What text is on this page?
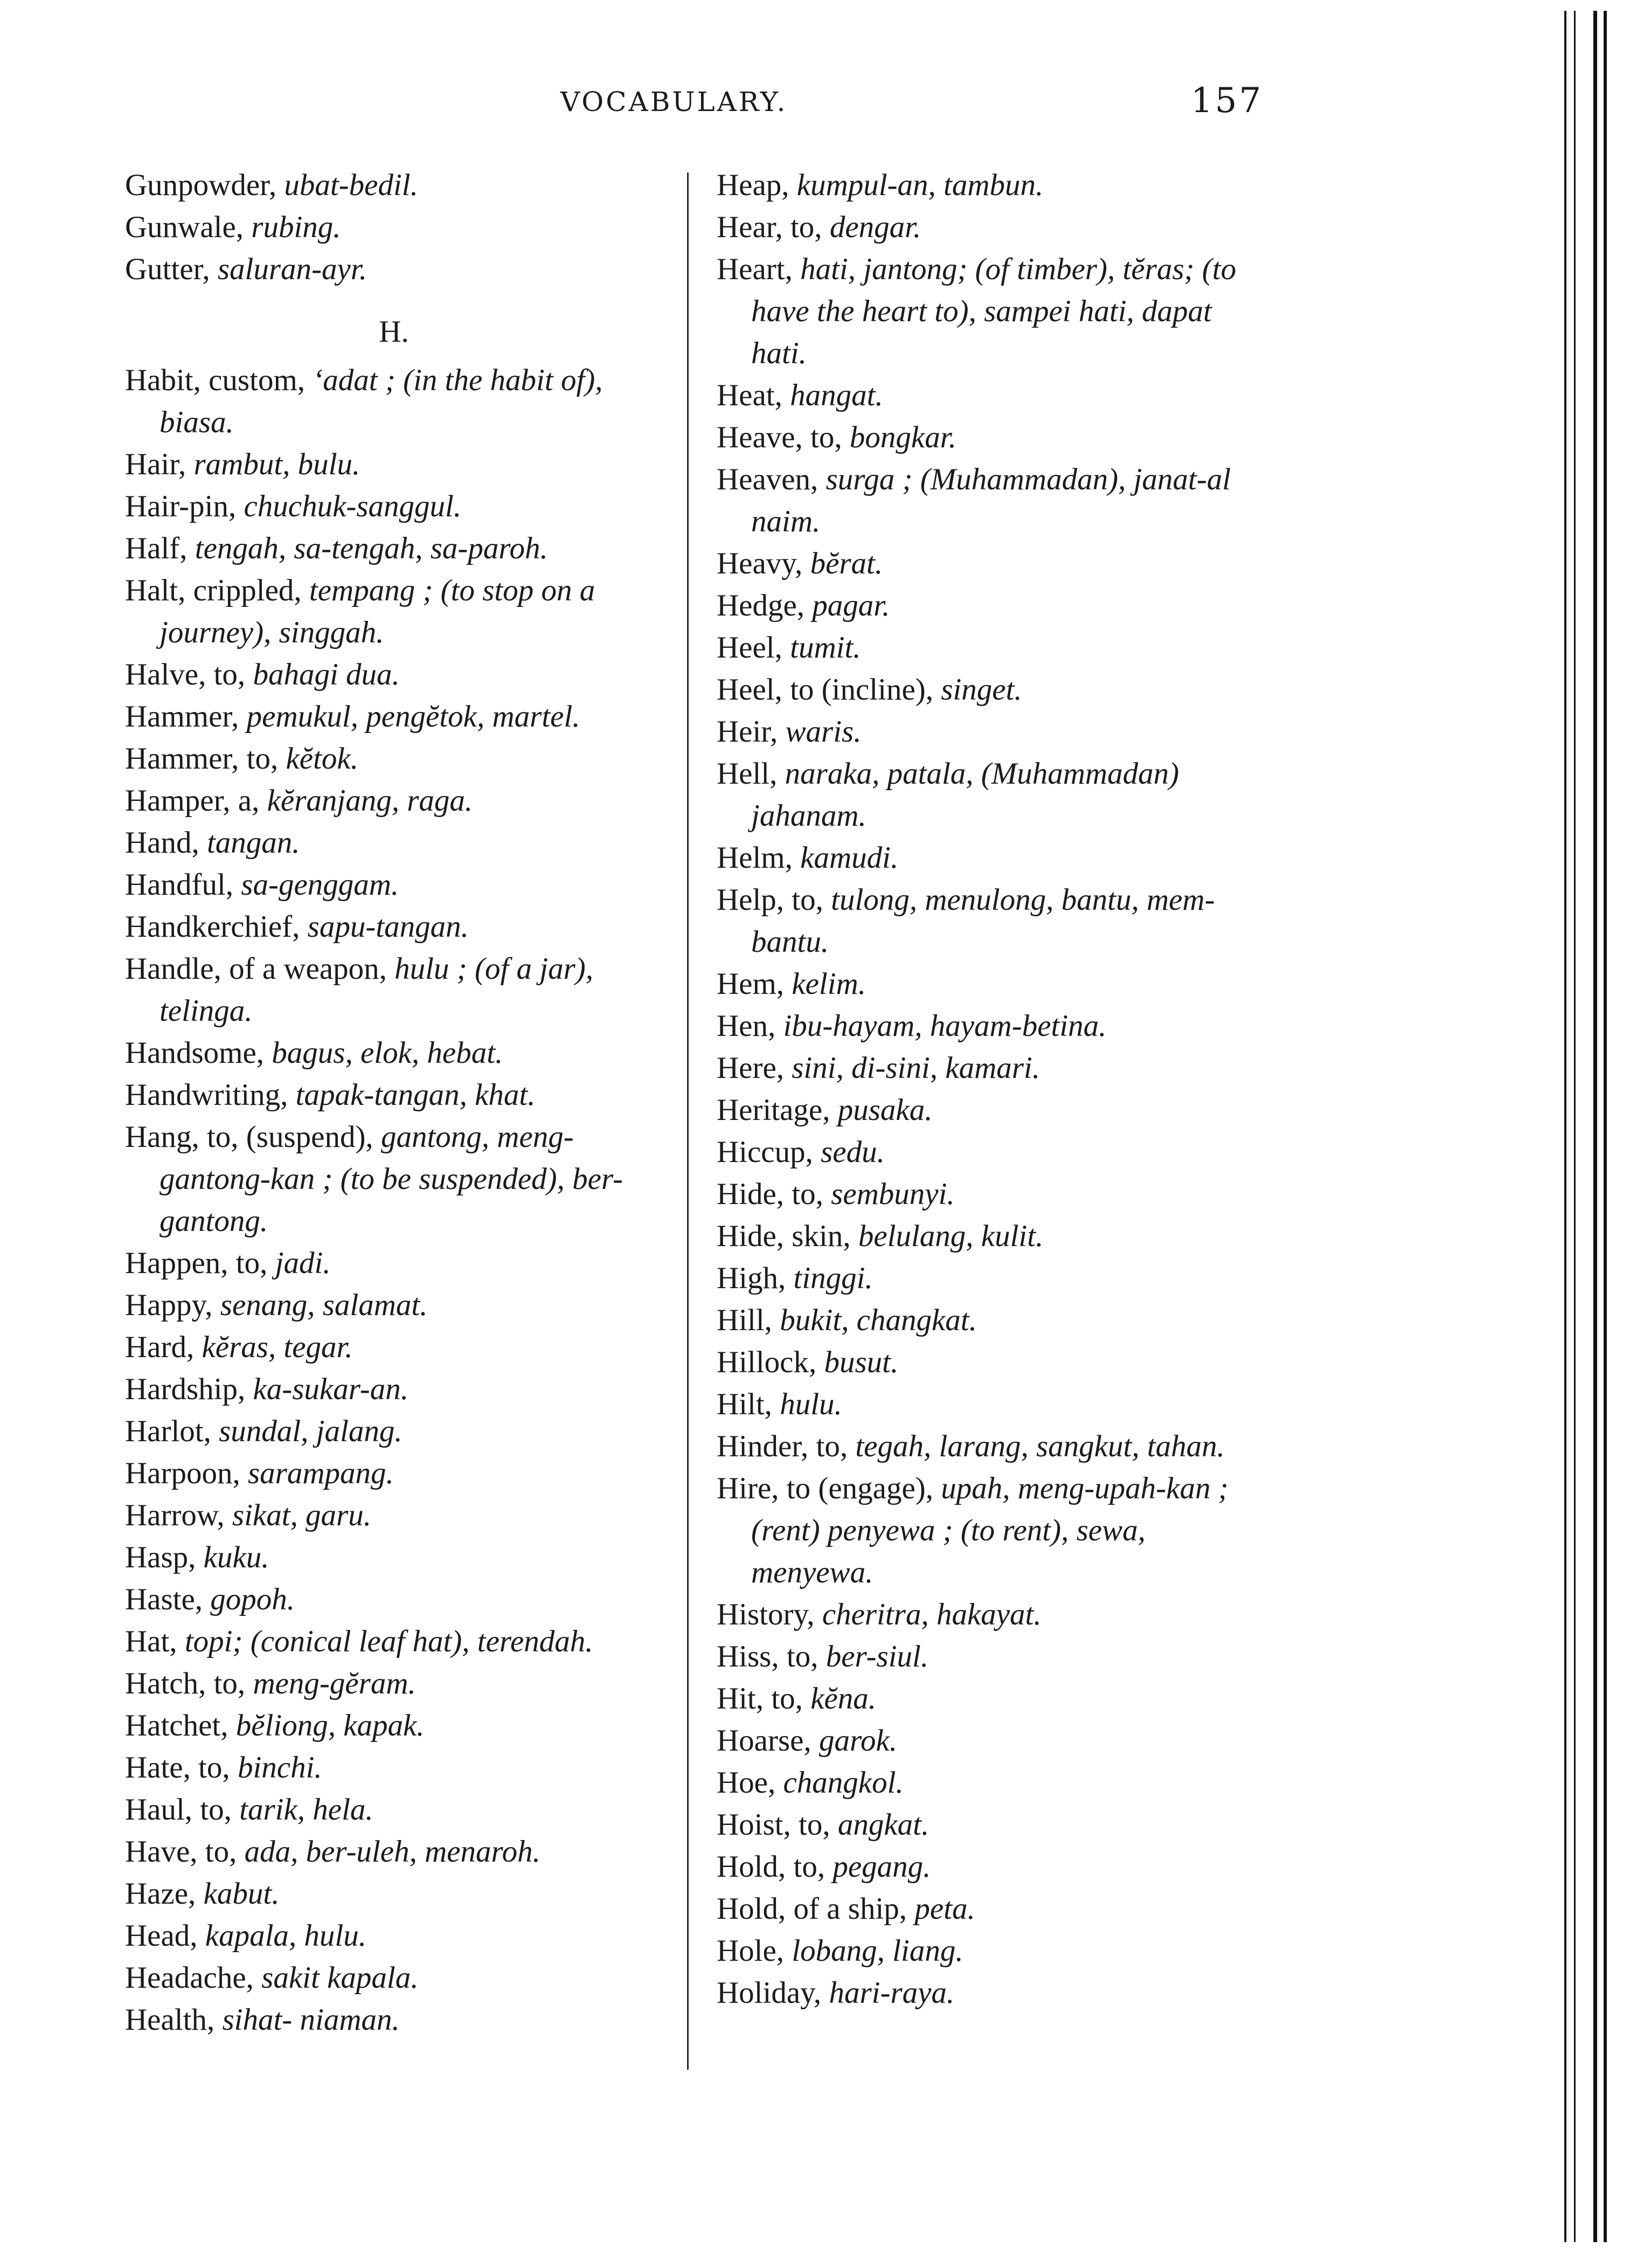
VOCABULARY.	157

Gunpowder, ubat-bedil.

Gunwale, rubing.

Gutter, saluran-ayr.

H.

Habit, custom, ‘adat ; (in the habit of), biasa.

Hair, rambut, bulu.

Hair-pin, chuchuk-sanggul.

Half, tengah, sa-tengah, sa-paroh.

Halt, crippled, tempang ; (to stop on a journey), singgah.

Halve, to, bahagi dua.

Hammer, pemukul, pengĕtok, martel.

Hammer, to, kĕtok.

Hamper, a, kĕranjang, raga.

Hand, tangan.

Handful, sa-genggam.

Handkerchief, sapu-tangan.

Handle, of a weapon, hulu ; (of a jar), telinga.

Handsome, bagus, elok, hebat.

Handwriting, tapak-tangan, khat.

Hang, to, (suspend), gantong, meng-gantong-kan ; (to be suspended), ber-gantong.

Happen, to, jadi.

Happy, senang, salamat.

Hard, kĕras, tegar.

Hardship, ka-sukar-an.

Harlot, sundal, jalang.

Harpoon, sarampang.

Harrow, sikat, garu.

Hasp, kuku.

Haste, gopoh.

Hat, topi; (conical leaf hat), terendah.

Hatch, to, meng-gĕram.

Hatchet, bĕliong, kapak.

Hate, to, binchi.

Haul, to, tarik, hela.

Have, to, ada, ber-uleh, menaroh.

Haze, kabut.

Head, kapala, hulu.

Headache, sakit kapala.

Health, sihat- niaman.

Heap, kumpul-an, tambun.

Hear, to, dengar.

Heart, hati, jantong; (of timber), tĕras; (to have the heart to), sampei hati, dapat hati.

Heat, hangat.

Heave, to, bongkar.

Heaven, surga ; (Muhammadan), janat-al naim.

Heavy, bĕrat.

Hedge, pagar.

Heel, tumit.

Heel, to (incline), singet.

Heir, waris.

Hell, naraka, patala, (Muhammadan) jahanam.

Helm, kamudi.

Help, to, tulong, menulong, bantu, mem-bantu.

Hem, kelim.

Hen, ibu-hayam, hayam-betina.

Here, sini, di-sini, kamari.

Heritage, pusaka.

Hiccup, sedu.

Hide, to, sembunyi.

Hide, skin, belulang, kulit.

High, tinggi.

Hill, bukit, changkat.

Hillock, busut.

Hilt, hulu.

Hinder, to, tegah, larang, sangkut, tahan.

Hire, to (engage), upah, meng-upah-kan ; (rent) penyewa ; (to rent), sewa, menyewa.

History, cheritra, hakayat.

Hiss, to, ber-siul.

Hit, to, kĕna.

Hoarse, garok.

Hoe, changkol.

Hoist, to, angkat.

Hold, to, pegang.

Hold, of a ship, peta.

Hole, lobang, liang.

Holiday, hari-raya.
